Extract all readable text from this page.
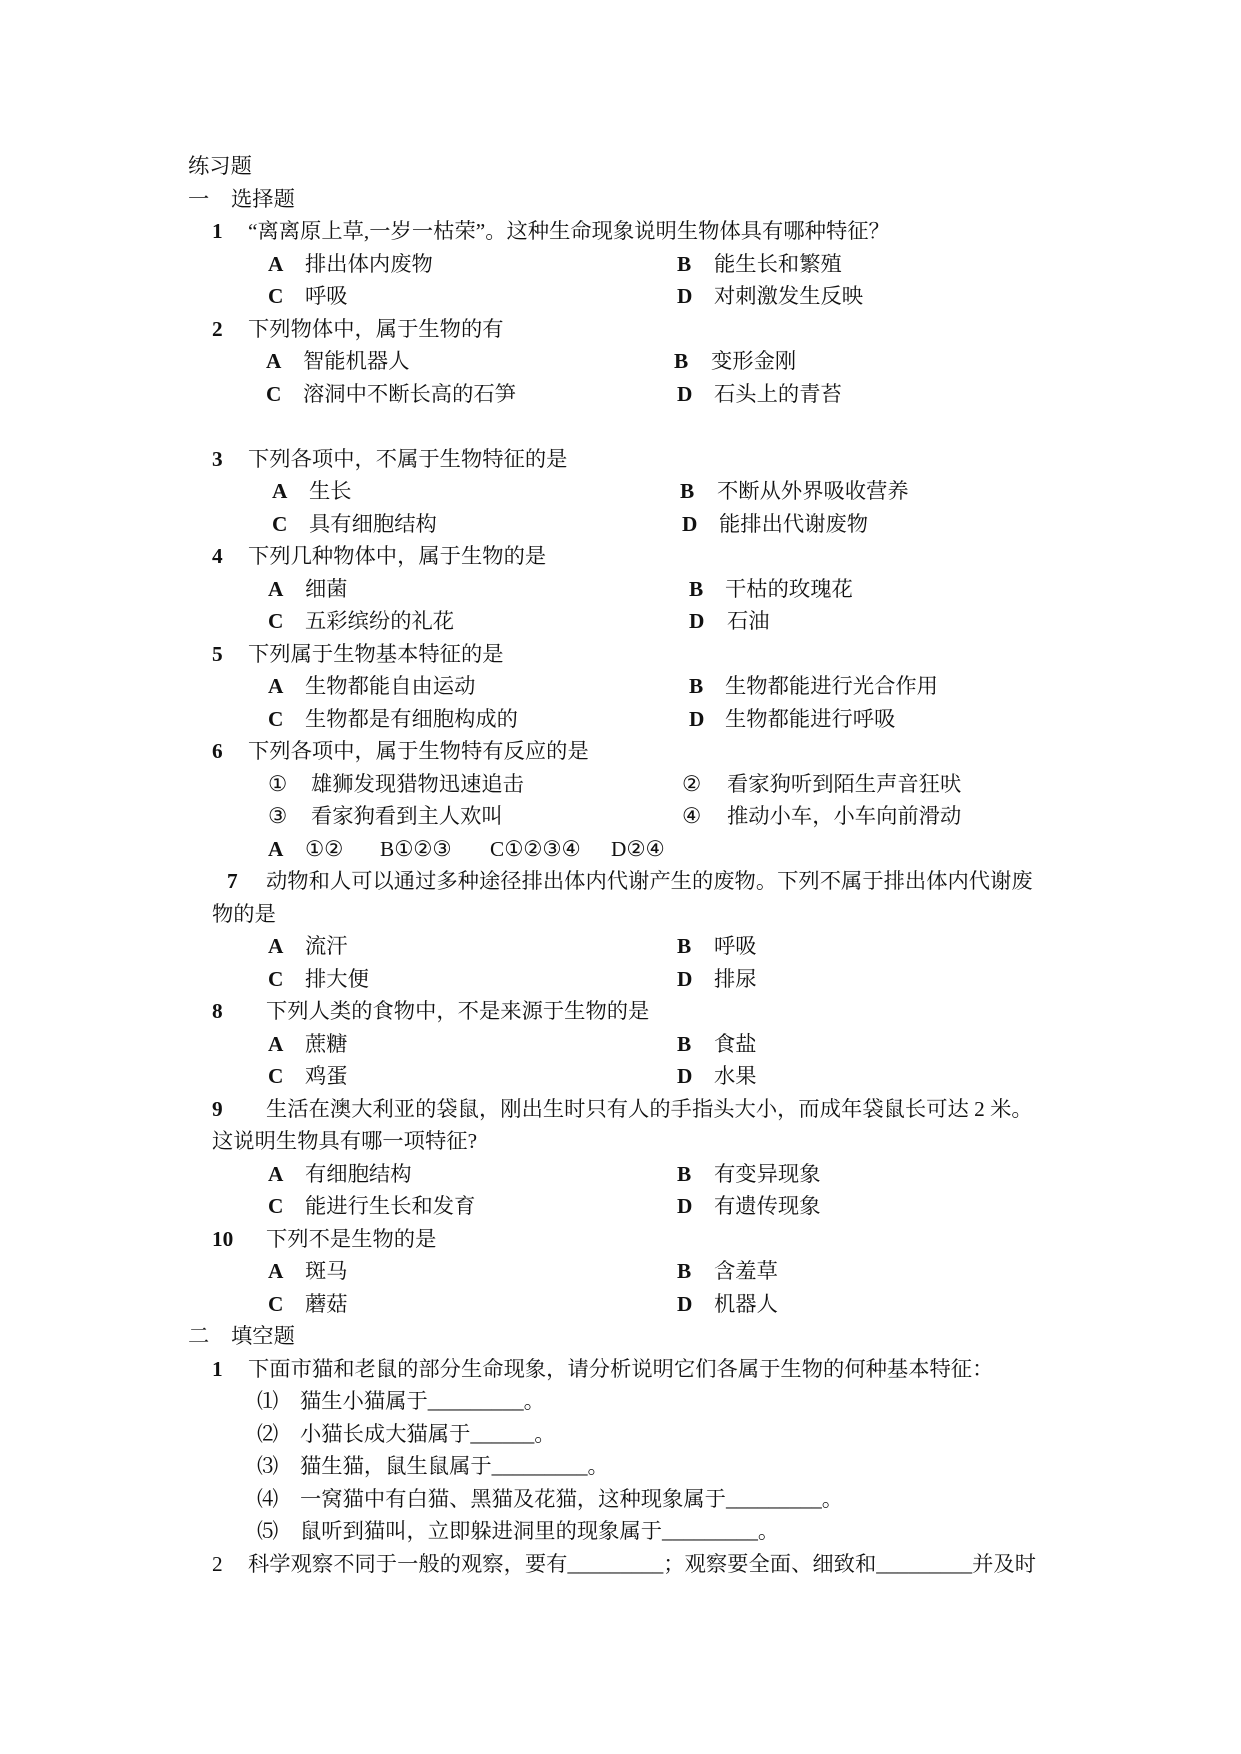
练习题
一 选择题
1 “离离原上草,一岁一枯荣”。这种生命现象说明生物体具有哪种特征？
A 排出体内废物	B 能生长和繁殖
C 呼吸	D 对刺激发生反映
2 下列物体中，属于生物的有
A 智能机器人	B 变形金刚
C 溶洞中不断长高的石笋	D 石头上的青苔
3 下列各项中，不属于生物特征的是
A 生长	B 不断从外界吸收营养
C 具有细胞结构	D 能排出代谢废物
4 下列几种物体中，属于生物的是
A 细菌	B 干枯的玫瑰花
C 五彩缤纷的礼花	D 石油
5 下列属于生物基本特征的是
A 生物都能自由运动	B 生物都能进行光合作用
C 生物都是有细胞构成的	D 生物都能进行呼吸
6 下列各项中，属于生物特有反应的是
① 雄狮发现猎物迅速追击	② 看家狗听到陌生声音狂吠
③ 看家狗看到主人欢叫	④ 推动小车，小车向前滑动
A ①② B①②③ C①②③④ D②④
7 动物和人可以通过多种途径排出体内代谢产生的废物。下列不属于排出体内代谢废
物的是
A 流汗	B 呼吸
C 排大便	D 排尿
8 下列人类的食物中，不是来源于生物的是
A 蔗糖	B 食盐
C 鸡蛋	D 水果
9 生活在澳大利亚的袋鼠，刚出生时只有人的手指头大小，而成年袋鼠长可达 2 米。
这说明生物具有哪一项特征?
A 有细胞结构	B 有变异现象
C 能进行生长和发育	D 有遗传现象
10 下列不是生物的是
A 斑马	B 含羞草
C 蘑菇	D 机器人
二 填空题
1 下面市猫和老鼠的部分生命现象，请分析说明它们各属于生物的何种基本特征：
⑴ 猫生小猫属于_________。
⑵ 小猫长成大猫属于______。
⑶ 猫生猫，鼠生鼠属于_________。
⑷ 一窝猫中有白猫、黑猫及花猫，这种现象属于_________。
⑸ 鼠听到猫叫，立即躲进洞里的现象属于_________。
2 科学观察不同于一般的观察，要有_________；观察要全面、细致和_________并及时
